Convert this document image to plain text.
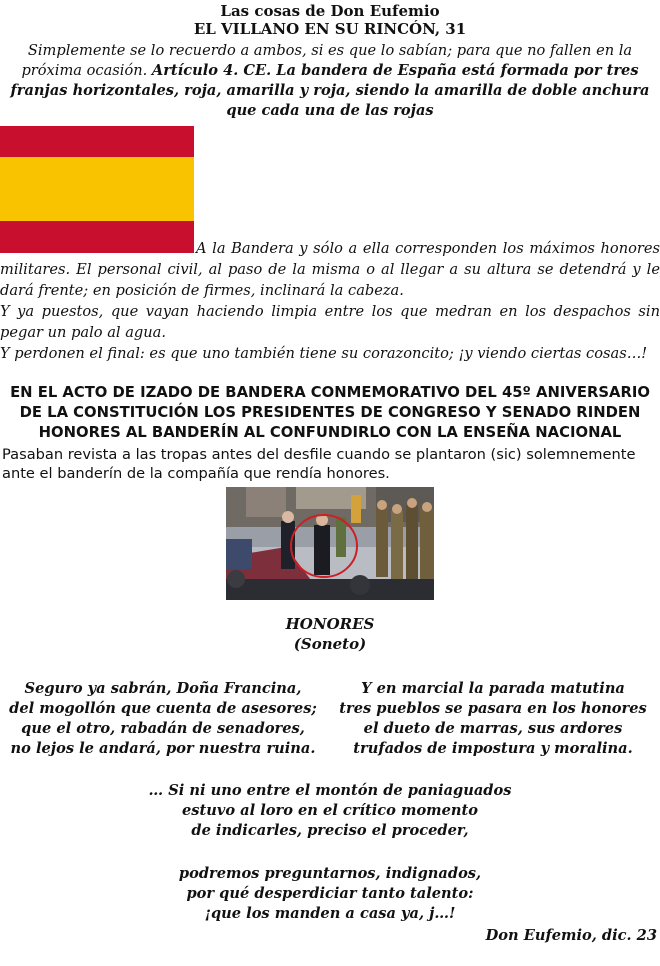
Las cosas de Don Eufemio
EL VILLANO EN SU RINCÓN, 31
Simplemente se lo recuerdo a ambos, si es que lo sabían; para que no fallen en la próxima ocasión. Artículo 4. CE. La bandera de España está formada por tres franjas horizontales, roja, amarilla y roja, siendo la amarilla de doble anchura que cada una de las rojas
A la Bandera y sólo a ella corresponden los máximos honores

militares. El personal civil, al paso de la misma o al llegar a su altura se detendrá y le dará frente; en posición de firmes, inclinará la cabeza.

Y ya puestos, que vayan haciendo limpia entre los que medran en los despachos sin pegar un palo al agua.

Y perdonen el final: es que uno también tiene su corazoncito; ¡y viendo ciertas cosas…!

EN EL ACTO DE IZADO DE BANDERA CONMEMORATIVO DEL 45º ANIVERSARIO DE LA CONSTITUCIÓN LOS PRESIDENTES DE CONGRESO Y SENADO RINDEN HONORES AL BANDERÍN AL CONFUNDIRLO CON LA ENSEÑA NACIONAL
Pasaban revista a las tropas antes del desfile cuando se plantaron (sic) solemnemente ante el banderín de la compañía que rendía honores.
HONORES
(Soneto)
Seguro ya sabrán, Doña Francina,
del mogollón que cuenta de asesores;
que el otro, rabadán de senadores,
no lejos le andará, por nuestra ruina.
Y en marcial la parada matutina
tres pueblos se pasara en los honores
el dueto de marras, sus ardores
trufados de impostura y moralina.
… Si ni uno entre el montón de paniaguados
estuvo al loro en el crítico momento
de indicarles, preciso el proceder,
podremos preguntarnos, indignados,
por qué desperdiciar tanto talento:
¡que los manden a casa ya, j…!
Don Eufemio, dic. 23
